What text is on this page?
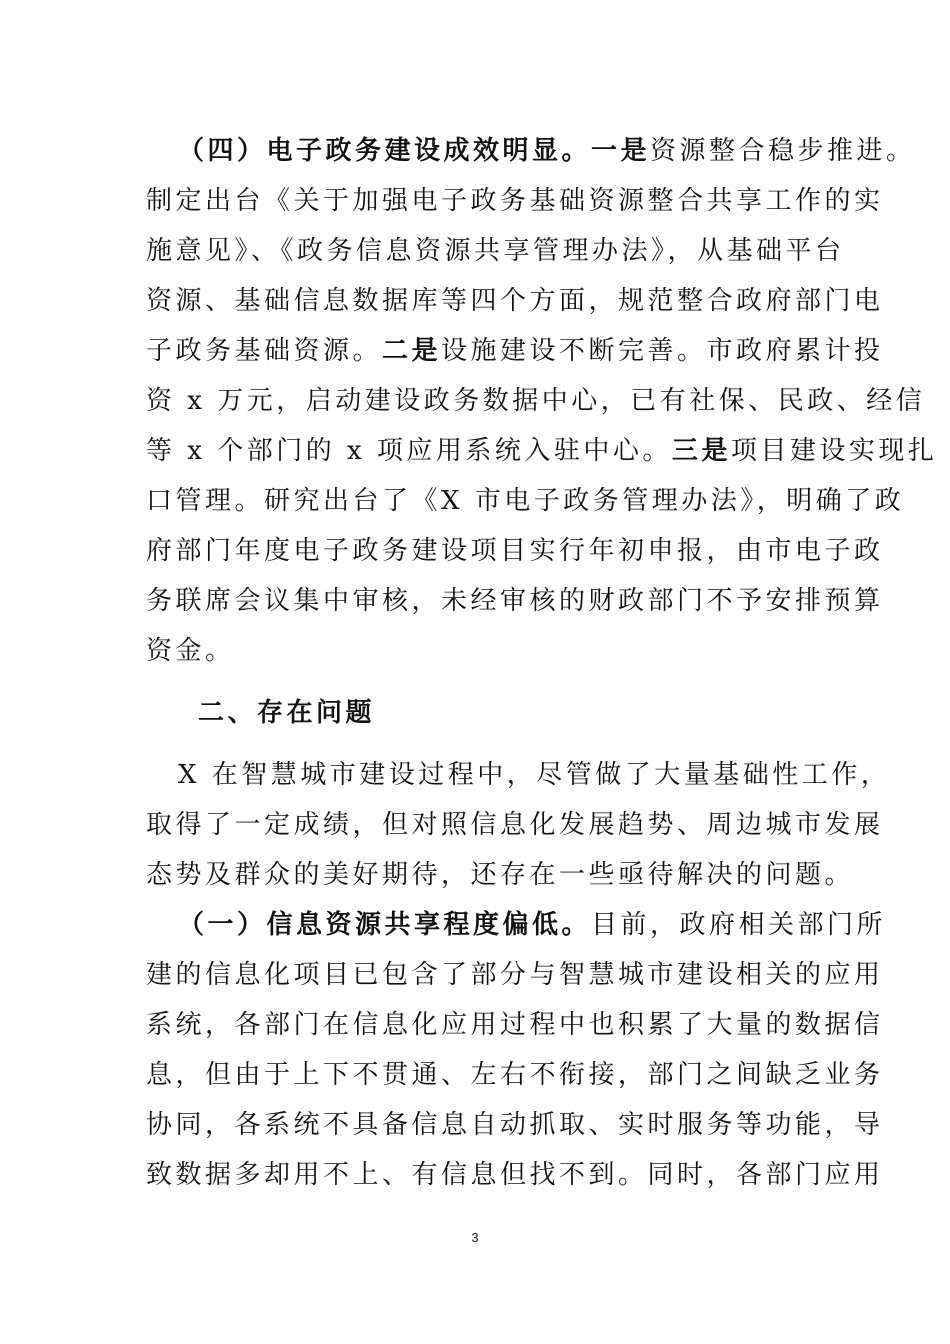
（四）电子政务建设成效明显。一是资源整合稳步推进。
制定出台《关于加强电子政务基础资源整合共享工作的实
施意见》、《政务信息资源共享管理办法》，从基础平台
资源、基础信息数据库等四个方面，规范整合政府部门电
子政务基础资源。二是设施建设不断完善。市政府累计投
资 x 万元，启动建设政务数据中心，已有社保、民政、经信
等 x 个部门的 x 项应用系统入驻中心。三是项目建设实现扎
口管理。研究出台了《X 市电子政务管理办法》，明确了政
府部门年度电子政务建设项目实行年初申报，由市电子政
务联席会议集中审核，未经审核的财政部门不予安排预算
资金。
二、存在问题
X 在智慧城市建设过程中，尽管做了大量基础性工作，
取得了一定成绩，但对照信息化发展趋势、周边城市发展
态势及群众的美好期待，还存在一些亟待解决的问题。
（一）信息资源共享程度偏低。目前，政府相关部门所
建的信息化项目已包含了部分与智慧城市建设相关的应用
系统，各部门在信息化应用过程中也积累了大量的数据信
息，但由于上下不贯通、左右不衔接，部门之间缺乏业务
协同，各系统不具备信息自动抓取、实时服务等功能，导
致数据多却用不上、有信息但找不到。同时，各部门应用
3
